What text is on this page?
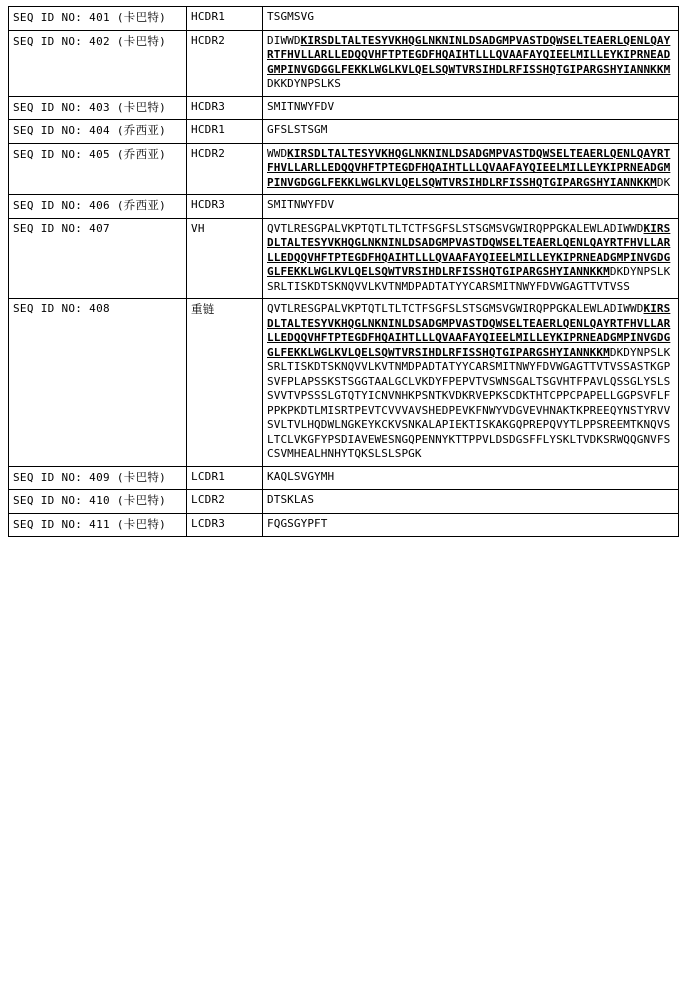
SEQ ID NO: 401 (卡巴特)	HCDR1	TSGMSVG
SEQ ID NO: 402 (卡巴特)	HCDR2	DIWWDKIRSDLTALTESYVKHQGLNKNINLDSADGMPVASTDQWSELTEAERLQENLQAYRTFHVLLARLLEDQQVHFTPTEGDFHQAIHTLLLQVAAFAYQIEELMILLEYKIPRNEADGMPINVGDGGLFEKKLWGLKVLQELSQWTVRSIHDLRFISSHQTGIPARGSHYIANNKKMDKKDYNPSLKS
SEQ ID NO: 403 (卡巴特)	HCDR3	SMITNWYFDV
SEQ ID NO: 404 (乔西亚)	HCDR1	GFSLSTSGM
SEQ ID NO: 405 (乔西亚)	HCDR2	WWDKIRSDLTALTESYVKHQGLNKNINLDSADGMPVASTDQWSELTEAERLQENLQAYRTFHVLLARLLEDQQVHFTPTEGDFHQAIHTLLLQVAAFAYQIEELMILLEYKIPRNEADGMPINVGDGGLFEKKLWGLKVLQELSQWTVRSIHDLRFISSHQTGIPARGSHYIANNKKMDK
SEQ ID NO: 406 (乔西亚)	HCDR3	SMITNWYFDV
SEQ ID NO: 407	VH	QVTLRESGPALVKPTQTLTLTCTFSGFSLSTSGMSVGWIRQPPGKALEWLADIWWDKIRSDLTALTESYVKHQGLNKNINLDSADGMPVASTDQWSELTEAERLQENLQAYRTFHVLLARLLEDQQVHFTPTEGDFHQAIHTLLLQVAAFAYQIEELMILLEYKIPRNEADGMPINVGDGGLFEKKLWGLKVLQELSQWTVRSIHDLRFISSHQTGIPARGSHYIANNKKMDKDYNPSLKSRLTISKDTSKNQVVLKVTNMDPADTATYYCARSMITNWYFDVWGAGTTVTVSS
SEQ ID NO: 408	重链	QVTLRESGPALVKPTQTLTLTCTFSGFSLSTSGMSVGWIRQPPGKALEWLADIWWDKIRSDLTALTESYVKHQGLNKNINLDSADGMPVASTDQWSELTEAERLQENLQAYRTFHVLLARLLEDQQVHFTPTEGDFHQAIHTLLLQVAAFAYQIEELMILLEYKIPRNEADGMPINVGDGGLFEKKLWGLKVLQELSQWTVRSIHDLRFISSHQTGIPARGSHYIANNKKMDKDYNPSLKSRLTISKDTSKNQVVLKVTNMDPADTATYYCARSMITNWYFDVWGAGTTVTVSSASTKGPSVFPLAPSSKSTSGGTAALGCLVKDYFPEPVTVSWNSGALTSGVHTFPAVLQSSGLYSLSSVVTVPSSSLGTQTYICNVNHKPSNTKVDKRVEPKSCDKTHTCPPCPAPELLGGPSVFLFPPKPKDTLMISRTPEVTCVVVAVSHEDPEVKFNWYVDGVEVHNAKTKPREEQYNSTYRVVSVLTVLHQDWLNGKEYKCKVSNKALAPIEKTISKAKGQPREPQVYTLPPSREEMTKNQVSLTCLVKGFYPSDIAVEWESNGQPENNYKTTPPVLDSDGSFFLYSKLTVDKSRWQQGNVFSCSVMHEALHNHYTQKSLSLSPGK
SEQ ID NO: 409 (卡巴特)	LCDR1	KAQLSVGYMH
SEQ ID NO: 410 (卡巴特)	LCDR2	DTSKLAS
SEQ ID NO: 411 (卡巴特)	LCDR3	FQGSGYPFT
